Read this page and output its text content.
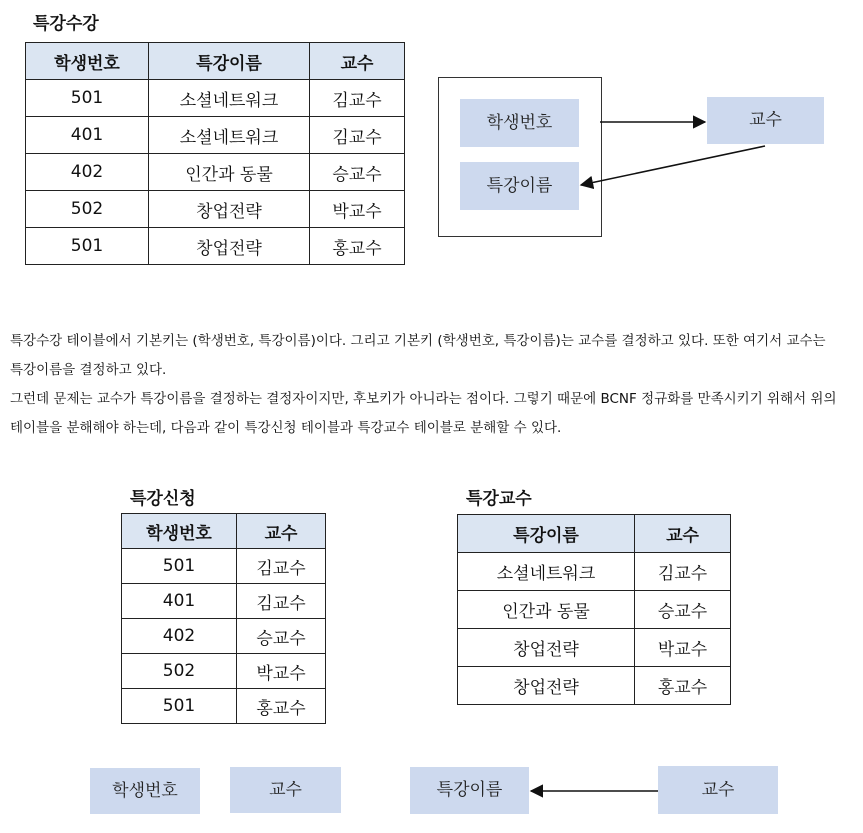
특강수강
학생번호	특강이름	교수
501	소셜네트워크	김교수
401	소셜네트워크	김교수
402	인간과 동물	승교수
502	창업전략	박교수
501	창업전략	홍교수
학생번호
특강이름
교수

특강수강 테이블에서 기본키는 (학생번호, 특강이름)이다. 그리고 기본키 (학생번호, 특강이름)는 교수를 결정하고 있다. 또한 여기서 교수는 특강이름을 결정하고 있다.

그런데 문제는 교수가 특강이름을 결정하는 결정자이지만, 후보키가 아니라는 점이다. 그렇기 때문에 BCNF 정규화를 만족시키기 위해서 위의 테이블을 분해해야 하는데, 다음과 같이 특강신청 테이블과 특강교수 테이블로 분해할 수 있다.

특강신청
학생번호	교수
501	김교수
401	김교수
402	승교수
502	박교수
501	홍교수
특강교수
특강이름	교수
소셜네트워크	김교수
인간과 동물	승교수
창업전략	박교수
창업전략	홍교수
학생번호	교수	특강이름	교수
